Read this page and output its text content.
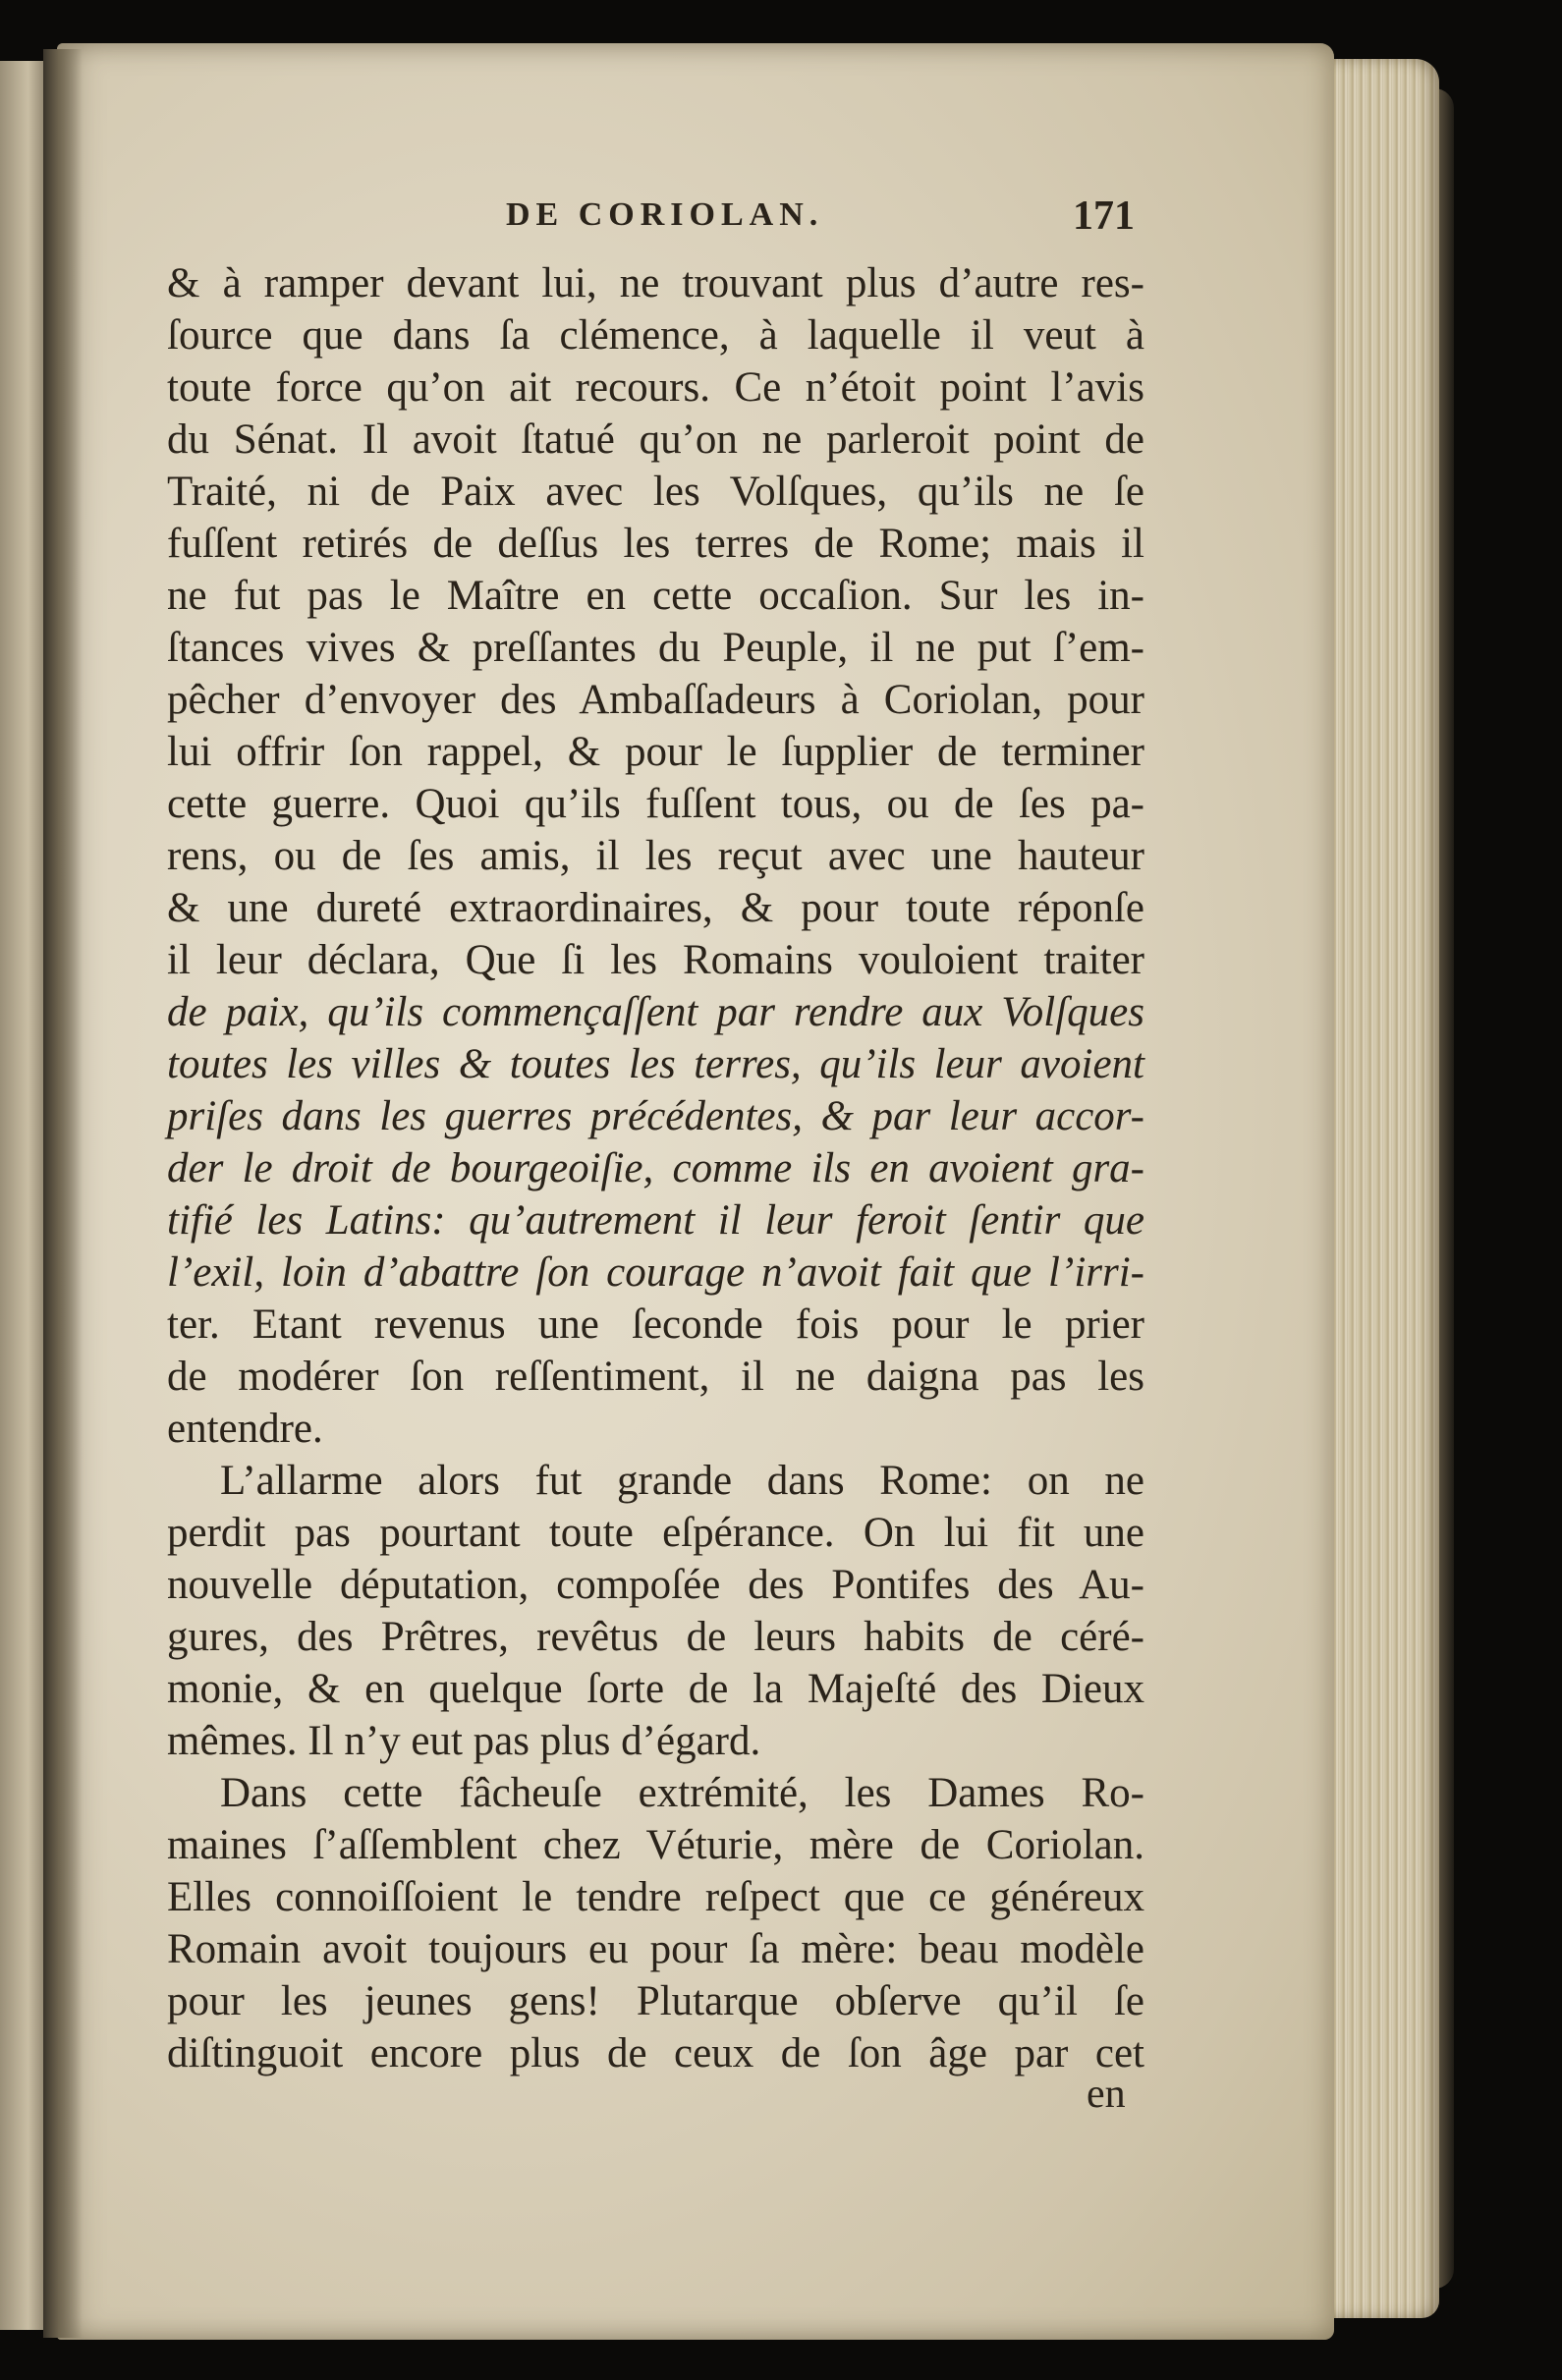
DE CORIOLAN.	171
& à ramper devant lui, ne trouvant plus d’autre res-
ſource que dans ſa clémence, à laquelle il veut à
toute force qu’on ait recours. Ce n’étoit point l’avis
du Sénat. Il avoit ſtatué qu’on ne parleroit point de
Traité, ni de Paix avec les Volſques, qu’ils ne ſe
fuſſent retirés de deſſus les terres de Rome; mais il
ne fut pas le Maître en cette occaſion. Sur les in-
ſtances vives & preſſantes du Peuple, il ne put ſ’em-
pêcher d’envoyer des Ambaſſadeurs à Coriolan, pour
lui offrir ſon rappel, & pour le ſupplier de terminer
cette guerre. Quoi qu’ils fuſſent tous, ou de ſes pa-
rens, ou de ſes amis, il les reçut avec une hauteur
& une dureté extraordinaires, & pour toute réponſe
il leur déclara, Que ſi les Romains vouloient traiter
de paix, qu’ils commençaſſent par rendre aux Volſques
toutes les villes & toutes les terres, qu’ils leur avoient
priſes dans les guerres précédentes, & par leur accor-
der le droit de bourgeoiſie, comme ils en avoient gra-
tifié les Latins: qu’autrement il leur feroit ſentir que
l’exil, loin d’abattre ſon courage n’avoit fait que l’irri-
ter. Etant revenus une ſeconde fois pour le prier
de modérer ſon reſſentiment, il ne daigna pas les
entendre.
L’allarme alors fut grande dans Rome: on ne
perdit pas pourtant toute eſpérance. On lui fit une
nouvelle députation, compoſée des Pontifes des Au-
gures, des Prêtres, revêtus de leurs habits de céré-
monie, & en quelque ſorte de la Majeſté des Dieux
mêmes. Il n’y eut pas plus d’égard.
Dans cette fâcheuſe extrémité, les Dames Ro-
maines ſ’aſſemblent chez Véturie, mère de Coriolan.
Elles connoiſſoient le tendre reſpect que ce généreux
Romain avoit toujours eu pour ſa mère: beau modèle
pour les jeunes gens! Plutarque obſerve qu’il ſe
diſtinguoit encore plus de ceux de ſon âge par cet
en
